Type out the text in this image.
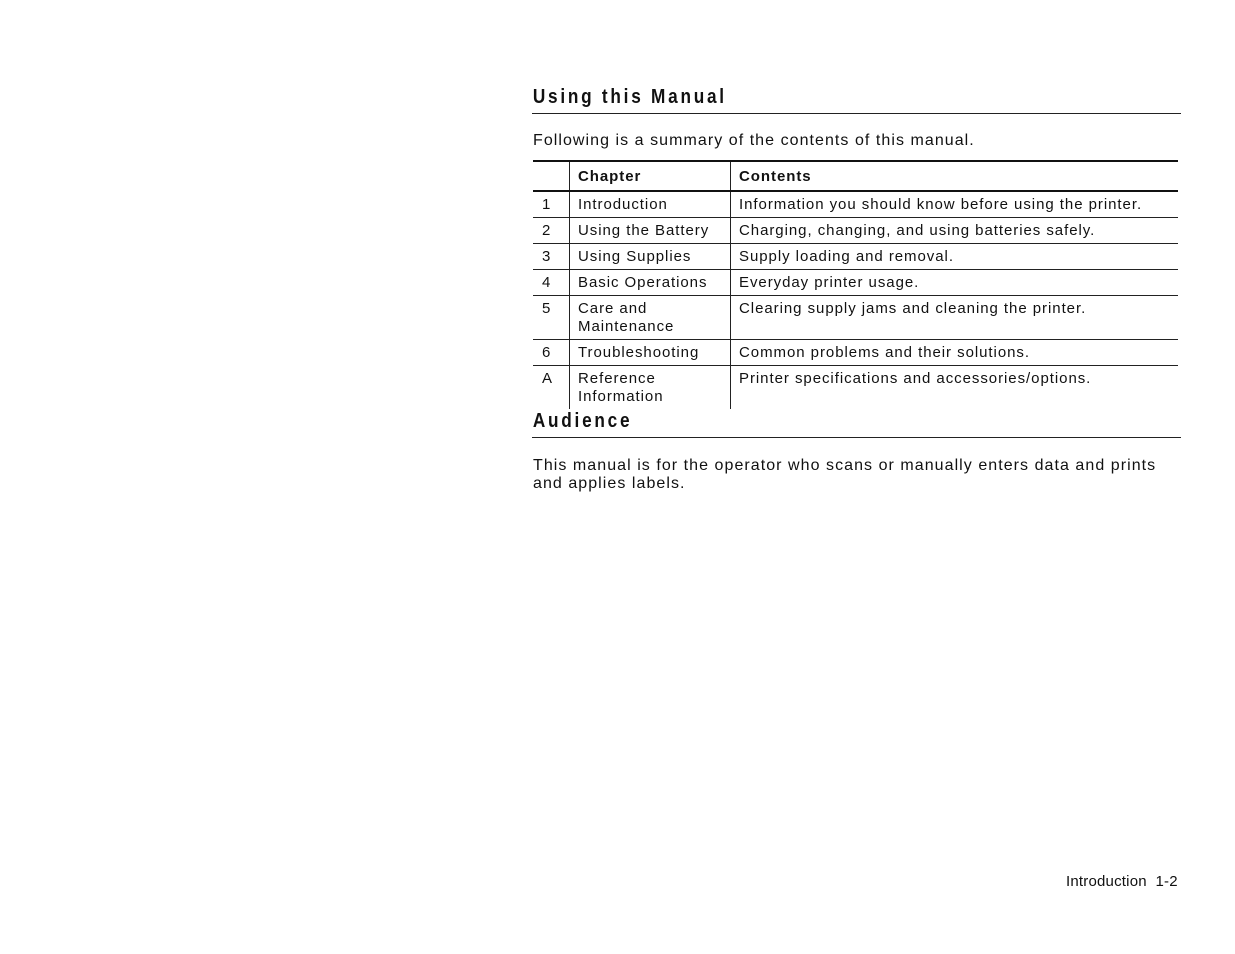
Using this Manual

Following is a summary of the contents of this manual.

	Chapter	Contents
1	Introduction	Information you should know before using the printer.
2	Using the Battery	Charging, changing, and using batteries safely.
3	Using Supplies	Supply loading and removal.
4	Basic Operations	Everyday printer usage.
5	Care and Maintenance	Clearing supply jams and cleaning the printer.
6	Troubleshooting	Common problems and their solutions.
A	Reference Information	Printer specifications and accessories/options.
Audience

This manual is for the operator who scans or manually enters data and prints and applies labels.

Introduction  1-2
